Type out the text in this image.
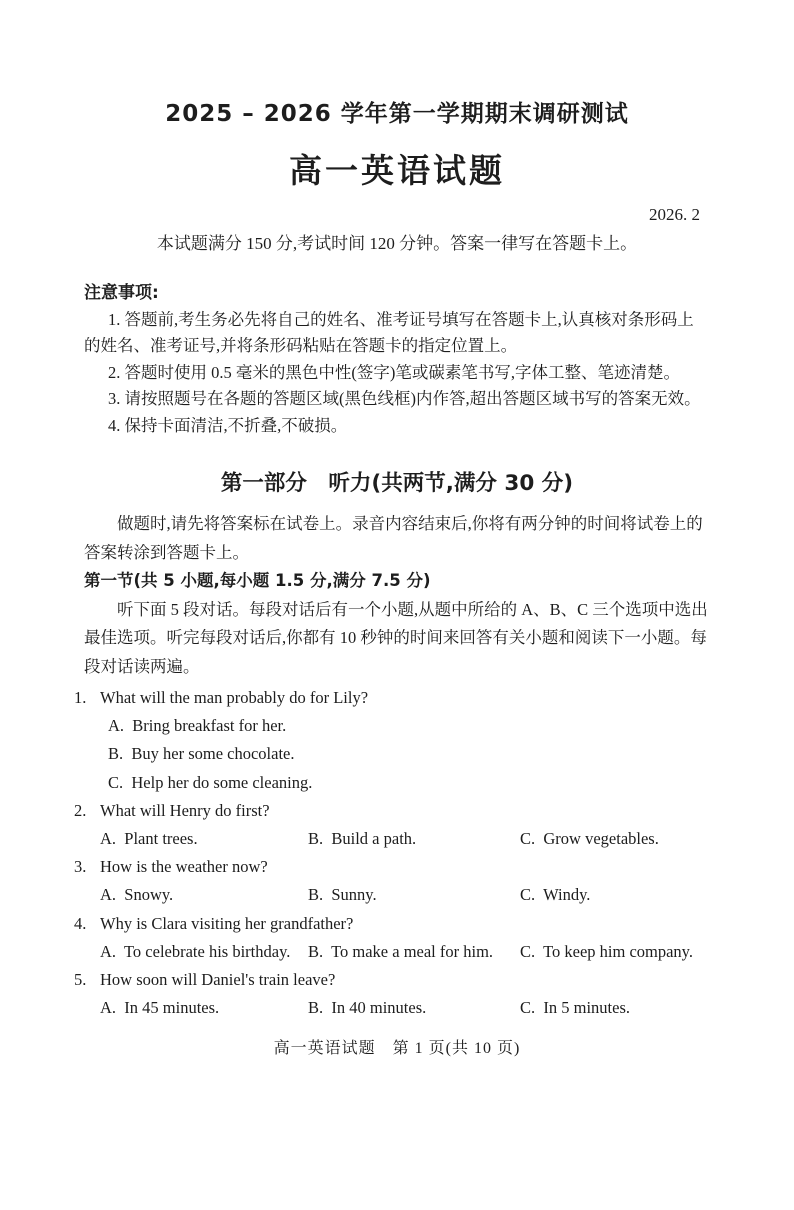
2025 – 2026 学年第一学期期末调研测试
高一英语试题
2026. 2
本试题满分 150 分,考试时间 120 分钟。答案一律写在答题卡上。
注意事项:

1. 答题前,考生务必先将自己的姓名、准考证号填写在答题卡上,认真核对条形码上的姓名、准考证号,并将条形码粘贴在答题卡的指定位置上。

2. 答题时使用 0.5 毫米的黑色中性(签字)笔或碳素笔书写,字体工整、笔迹清楚。

3. 请按照题号在各题的答题区域(黑色线框)内作答,超出答题区域书写的答案无效。

4. 保持卡面清洁,不折叠,不破损。

第一部分　听力(共两节,满分 30 分)

做题时,请先将答案标在试卷上。录音内容结束后,你将有两分钟的时间将试卷上的答案转涂到答题卡上。

第一节(共 5 小题,每小题 1.5 分,满分 7.5 分)

听下面 5 段对话。每段对话后有一个小题,从题中所给的 A、B、C 三个选项中选出最佳选项。听完每段对话后,你都有 10 秒钟的时间来回答有关小题和阅读下一小题。每段对话读两遍。

1. What will the man probably do for Lily?
A.  Bring breakfast for her.
B.  Buy her some chocolate.
C.  Help her do some cleaning.
2. What will Henry do first?
A.  Plant trees.	B.  Build a path.	C.  Grow vegetables.
3. How is the weather now?
A.  Snowy.	B.  Sunny.	C.  Windy.
4. Why is Clara visiting her grandfather?
A.  To celebrate his birthday.	B.  To make a meal for him.	C.  To keep him company.
5. How soon will Daniel's train leave?
A.  In 45 minutes.	B.  In 40 minutes.	C.  In 5 minutes.
高一英语试题　第 1 页(共 10 页)
